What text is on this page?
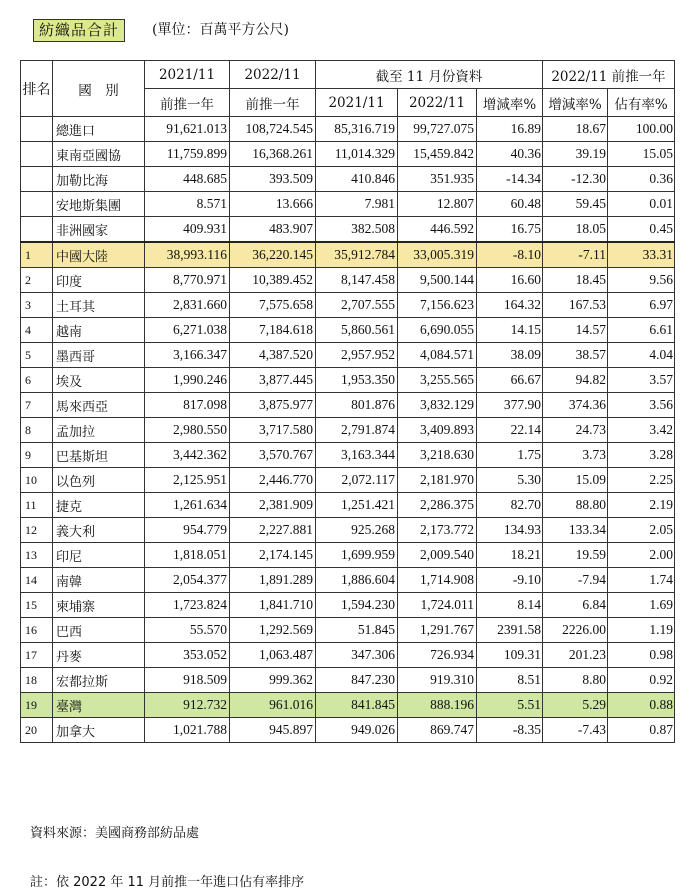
紡織品合計	(單位：百萬平方公尺)
排名	國　別	2021/11	2022/11	截至 11 月份資料			2022/11 前推一年	
		前推一年	前推一年	2021/11	2022/11	增減率%	增減率%	佔有率%
	總進口	91,621.013	108,724.545	85,316.719	99,727.075	16.89	18.67	100.00
	東南亞國協	11,759.899	16,368.261	11,014.329	15,459.842	40.36	39.19	15.05
	加勒比海	448.685	393.509	410.846	351.935	-14.34	-12.30	0.36
	安地斯集團	8.571	13.666	7.981	12.807	60.48	59.45	0.01
	非洲國家	409.931	483.907	382.508	446.592	16.75	18.05	0.45
1	中國大陸	38,993.116	36,220.145	35,912.784	33,005.319	-8.10	-7.11	33.31
2	印度	8,770.971	10,389.452	8,147.458	9,500.144	16.60	18.45	9.56
3	土耳其	2,831.660	7,575.658	2,707.555	7,156.623	164.32	167.53	6.97
4	越南	6,271.038	7,184.618	5,860.561	6,690.055	14.15	14.57	6.61
5	墨西哥	3,166.347	4,387.520	2,957.952	4,084.571	38.09	38.57	4.04
6	埃及	1,990.246	3,877.445	1,953.350	3,255.565	66.67	94.82	3.57
7	馬來西亞	817.098	3,875.977	801.876	3,832.129	377.90	374.36	3.56
8	孟加拉	2,980.550	3,717.580	2,791.874	3,409.893	22.14	24.73	3.42
9	巴基斯坦	3,442.362	3,570.767	3,163.344	3,218.630	1.75	3.73	3.28
10	以色列	2,125.951	2,446.770	2,072.117	2,181.970	5.30	15.09	2.25
11	捷克	1,261.634	2,381.909	1,251.421	2,286.375	82.70	88.80	2.19
12	義大利	954.779	2,227.881	925.268	2,173.772	134.93	133.34	2.05
13	印尼	1,818.051	2,174.145	1,699.959	2,009.540	18.21	19.59	2.00
14	南韓	2,054.377	1,891.289	1,886.604	1,714.908	-9.10	-7.94	1.74
15	柬埔寨	1,723.824	1,841.710	1,594.230	1,724.011	8.14	6.84	1.69
16	巴西	55.570	1,292.569	51.845	1,291.767	2391.58	2226.00	1.19
17	丹麥	353.052	1,063.487	347.306	726.934	109.31	201.23	0.98
18	宏都拉斯	918.509	999.362	847.230	919.310	8.51	8.80	0.92
19	臺灣	912.732	961.016	841.845	888.196	5.51	5.29	0.88
20	加拿大	1,021.788	945.897	949.026	869.747	-8.35	-7.43	0.87
資料來源：美國商務部紡品處
註：依 2022 年 11 月前推一年進口佔有率排序
